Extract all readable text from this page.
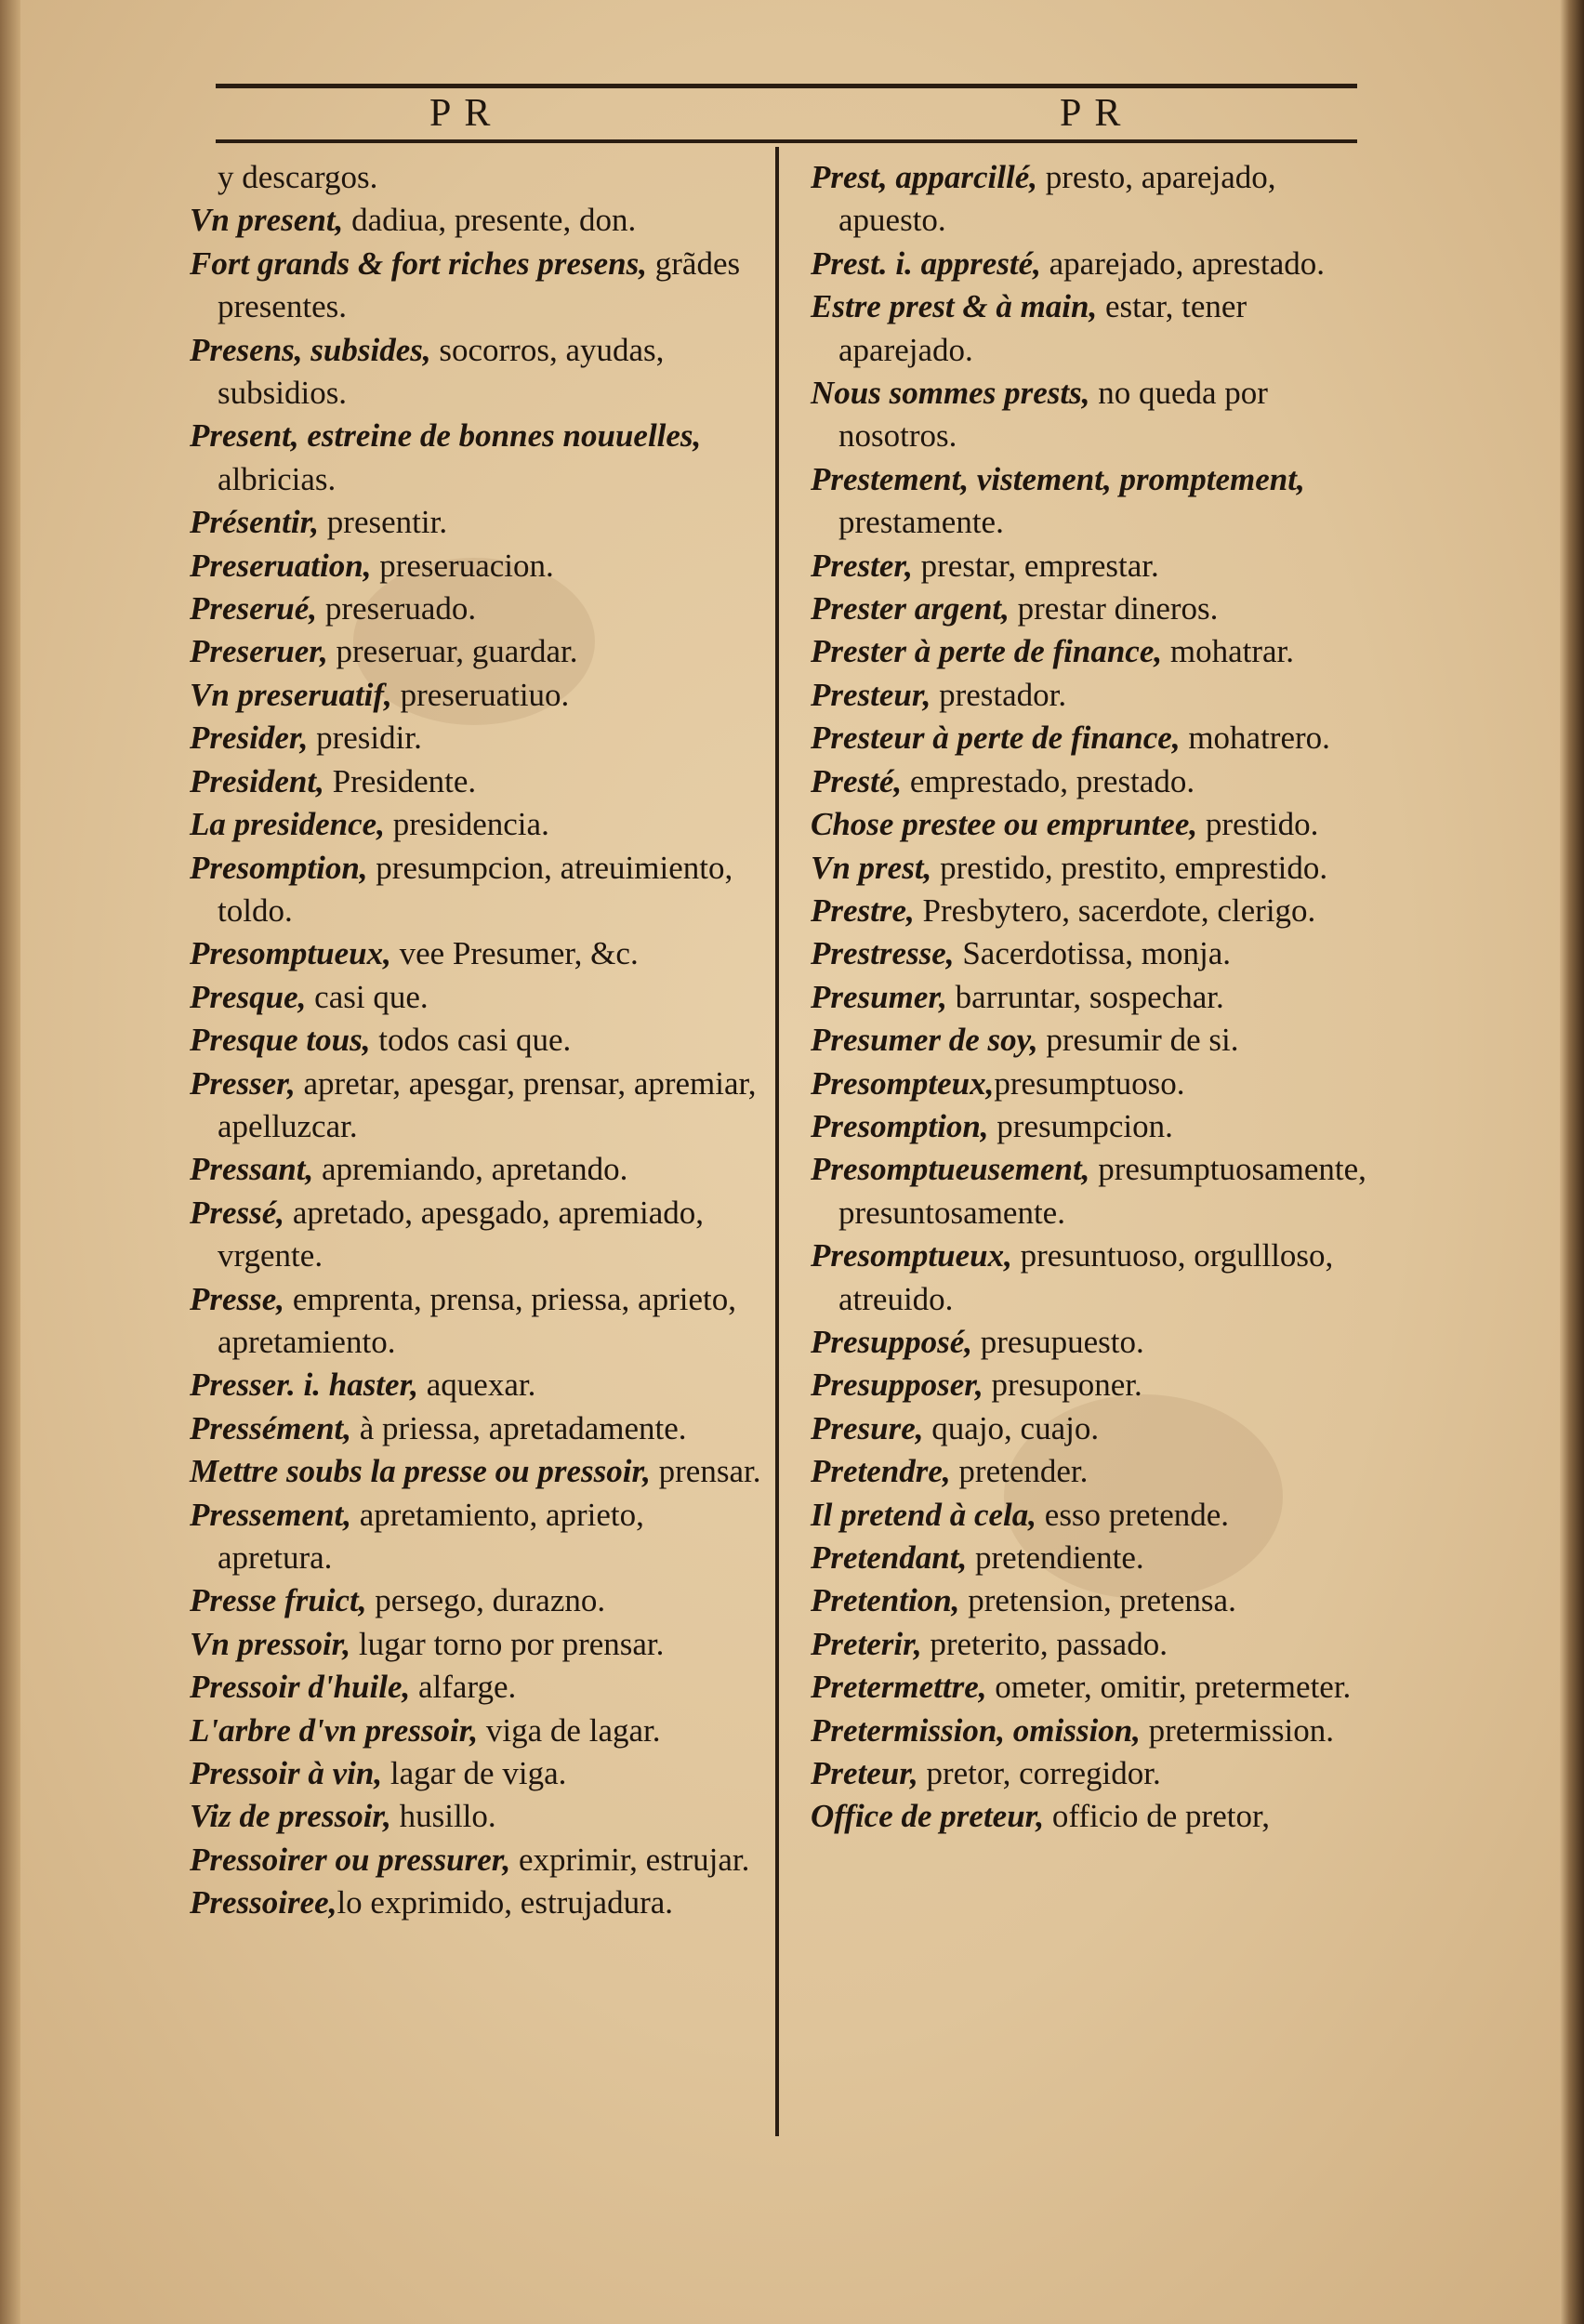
PR	PR

y descargos.

Vn present, dadiua, presente, don.

Fort grands & fort riches presens, grãdes presentes.

Presens, subsides, socorros, ayudas, subsidios.

Present, estreine de bonnes nouuelles, albricias.

Présentir, presentir.

Preseruation, preseruacion.

Preserué, preseruado.

Preseruer, preseruar, guardar.

Vn preseruatif, preseruatiuo.

Presider, presidir.

President, Presidente.

La presidence, presidencia.

Presomption, presumpcion, atreuimiento, toldo.

Presomptueux, vee Presumer, &c.

Presque, casi que.

Presque tous, todos casi que.

Presser, apretar, apesgar, prensar, apremiar, apelluzcar.

Pressant, apremiando, apretando.

Pressé, apretado, apesgado, apremiado, vrgente.

Presse, emprenta, prensa, priessa, aprieto, apretamiento.

Presser. i. haster, aquexar.

Pressément, à priessa, apretadamente.

Mettre soubs la presse ou pressoir, prensar.

Pressement, apretamiento, aprieto, apretura.

Presse fruict, persego, durazno.

Vn pressoir, lugar torno por prensar.

Pressoir d'huile, alfarge.

L'arbre d'vn pressoir, viga de lagar.

Pressoir à vin, lagar de viga.

Viz de pressoir, husillo.

Pressoirer ou pressurer, exprimir, estrujar.

Pressoiree,lo exprimido, estrujadura.

Prest, apparcillé, presto, aparejado, apuesto.

Prest. i. appresté, aparejado, aprestado.

Estre prest & à main, estar, tener aparejado.

Nous sommes prests, no queda por nosotros.

Prestement, vistement, promptement, prestamente.

Prester, prestar, emprestar.

Prester argent, prestar dineros.

Prester à perte de finance, mohatrar.

Presteur, prestador.

Presteur à perte de finance, mohatrero.

Presté, emprestado, prestado.

Chose prestee ou empruntee, prestido.

Vn prest, prestido, prestito, emprestido.

Prestre, Presbytero, sacerdote, clerigo.

Prestresse, Sacerdotissa, monja.

Presumer, barruntar, sospechar.

Presumer de soy, presumir de si.

Presompteux,presumptuoso.

Presomption, presumpcion.

Presomptueusement, presumptuosamente, presuntosamente.

Presomptueux, presuntuoso, orgullloso, atreuido.

Presupposé, presupuesto.

Presupposer, presuponer.

Presure, quajo, cuajo.

Pretendre, pretender.

Il pretend à cela, esso pretende.

Pretendant, pretendiente.

Pretention, pretension, pretensa.

Preterir, preterito, passado.

Pretermettre, ometer, omitir, pretermeter.

Pretermission, omission, pretermission.

Preteur, pretor, corregidor.

Office de preteur, officio de pretor,
